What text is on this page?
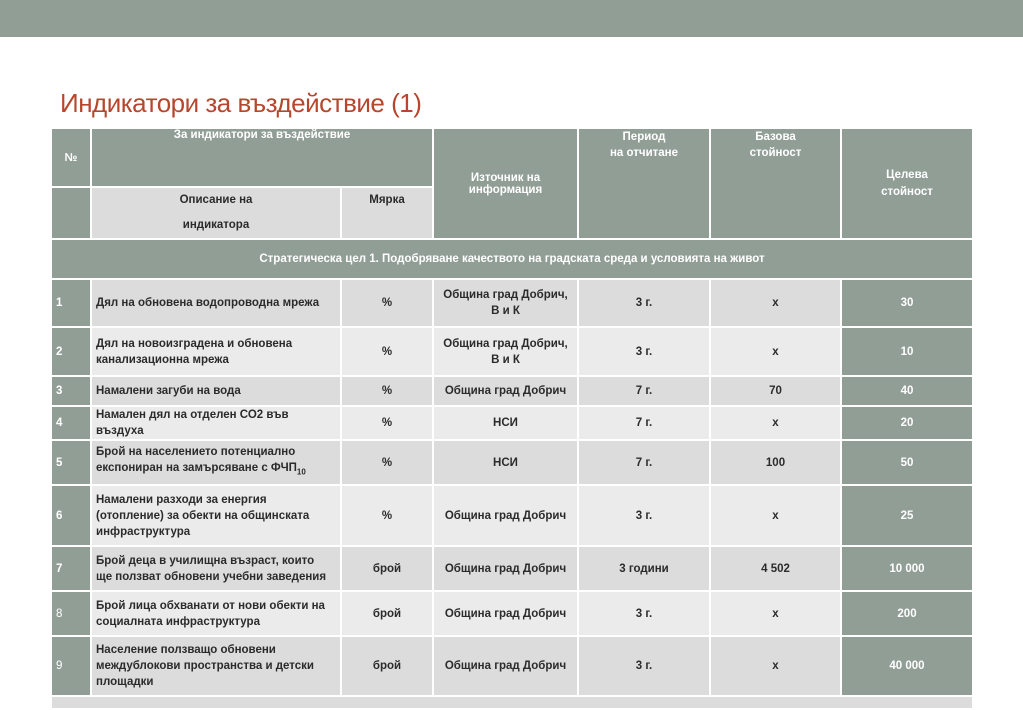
Индикатори за въздействие (1)
№	За индикатори за въздействие		Източник на
информация	Период
на отчитане	Базова
стойност	Целева
стойност
	Описание на
индикатора	Мярка				
Стратегическа цел 1. Подобряване качеството на градската среда и условията на живот						
1	Дял на обновена водопроводна мрежа	%	Община град Добрич,
В и К	3 г.	х	30
2	Дял на новоизградена и обновена
канализационна мрежа	%	Община град Добрич,
В и К	3 г.	х	10
3	Намалени загуби на вода	%	Община град Добрич	7 г.	70	40
4	Намален дял на отделен СО2 във
въздуха	%	НСИ	7 г.	х	20
5	Брой на населението потенциално
експониран на замърсяване с $ФЧП_{10}$	%	НСИ	7 г.	100	50
6	Намалени разходи за енергия
(отопление) за обекти на общинската
инфраструктура	%	Община град Добрич	3 г.	х	25
7	Брой деца в училищна възраст, които
ще ползват обновени учебни заведения	брой	Община град Добрич	3 години	4 502	10 000
8	Брой лица обхванати от нови обекти на
социалната инфраструктура	брой	Община град Добрич	3 г.	х	200
9	Население ползващо обновени
междублокови пространства и детски
площадки	брой	Община град Добрич	3 г.	х	40 000
